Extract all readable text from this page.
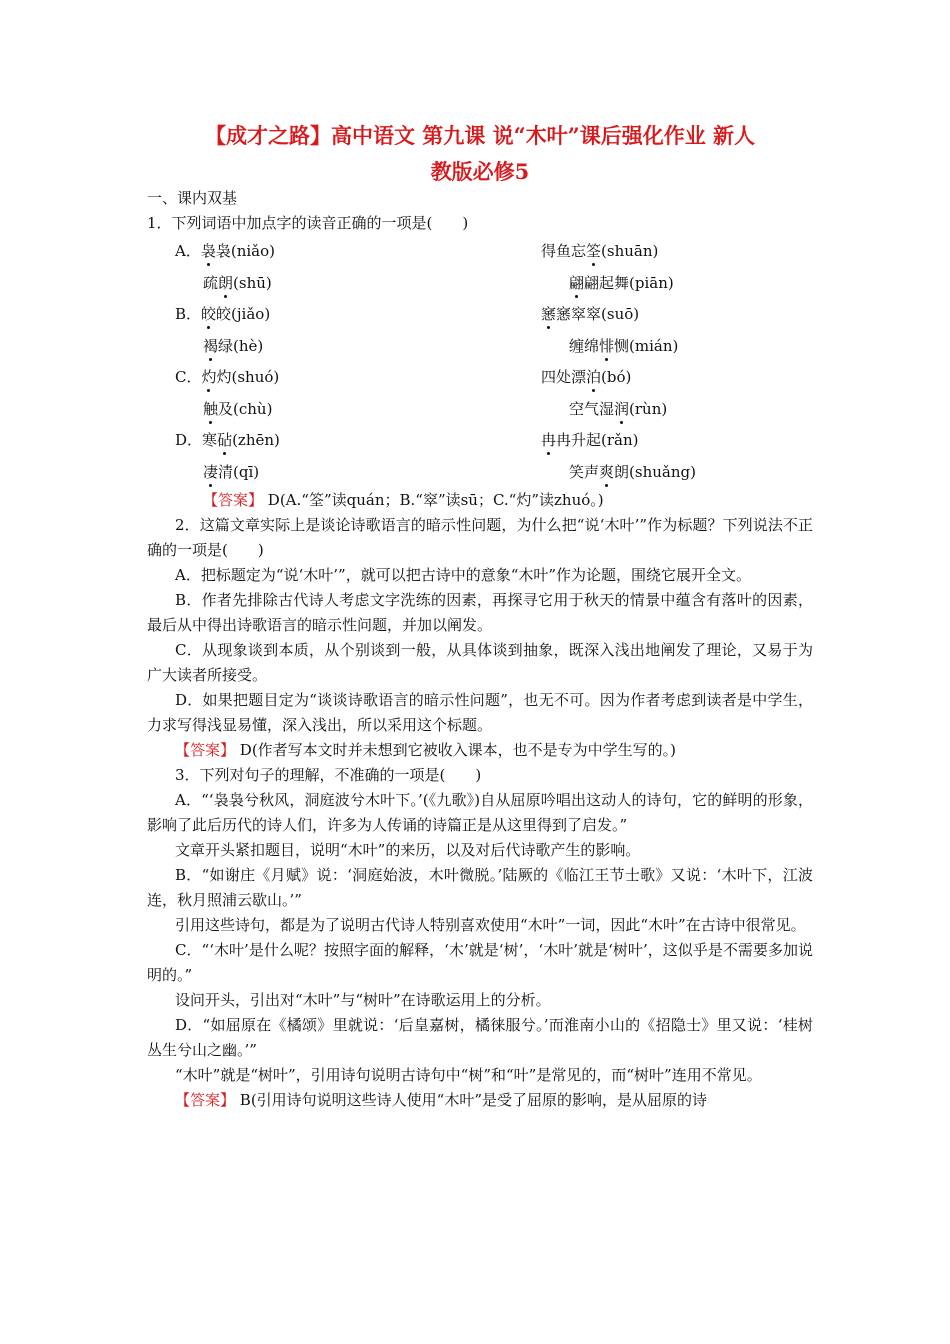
【成才之路】高中语文 第九课 说“木叶”课后强化作业 新人
教版必修5

一、课内双基

1．下列词语中加点字的读音正确的一项是(　　)

A．袅袅(niǎo)	得鱼忘筌(shuān)
疏朗(shū)	翩翩起舞(piān)
B．皎皎(jiǎo)	窸窸窣窣(suō)
褐绿(hè)	缠绵悱恻(mián)
C．灼灼(shuó)	四处漂泊(bó)
触及(chù)	空气湿润(rùn)
D．寒砧(zhēn)	冉冉升起(rǎn)
凄清(qī)	笑声爽朗(shuǎng)

【答案】 D(A.“筌”读quán；B.“窣”读sū；C.“灼”读zhuó。)

2．这篇文章实际上是谈论诗歌语言的暗示性问题，为什么把“说‘木叶’”作为标题？下列说法不正确的一项是(　　)

A．把标题定为“说‘木叶’”，就可以把古诗中的意象“木叶”作为论题，围绕它展开全文。

B．作者先排除古代诗人考虑文字洗练的因素，再探寻它用于秋天的情景中蕴含有落叶的因素，最后从中得出诗歌语言的暗示性问题，并加以阐发。

C．从现象谈到本质，从个别谈到一般，从具体谈到抽象，既深入浅出地阐发了理论，又易于为广大读者所接受。

D．如果把题目定为“谈谈诗歌语言的暗示性问题”，也无不可。因为作者考虑到读者是中学生，力求写得浅显易懂，深入浅出，所以采用这个标题。

【答案】 D(作者写本文时并未想到它被收入课本，也不是专为中学生写的。)

3．下列对句子的理解，不准确的一项是(　　)

A．“‘袅袅兮秋风，洞庭波兮木叶下。’(《九歌》)自从屈原吟唱出这动人的诗句，它的鲜明的形象，影响了此后历代的诗人们，许多为人传诵的诗篇正是从这里得到了启发。”

文章开头紧扣题目，说明“木叶”的来历，以及对后代诗歌产生的影响。

B．“如谢庄《月赋》说：‘洞庭始波，木叶微脱。’陆厥的《临江王节士歌》又说：‘木叶下，江波连，秋月照浦云歇山。’”

引用这些诗句，都是为了说明古代诗人特别喜欢使用“木叶”一词，因此“木叶”在古诗中很常见。

C．“‘木叶’是什么呢？按照字面的解释，‘木’就是‘树’，‘木叶’就是‘树叶’，这似乎是不需要多加说明的。”

设问开头，引出对“木叶”与“树叶”在诗歌运用上的分析。

D．“如屈原在《橘颂》里就说：‘后皇嘉树，橘徕服兮。’而淮南小山的《招隐士》里又说：‘桂树丛生兮山之幽。’”

“木叶”就是“树叶”，引用诗句说明古诗句中“树”和“叶”是常见的，而“树叶”连用不常见。

【答案】 B(引用诗句说明这些诗人使用“木叶”是受了屈原的影响，是从屈原的诗
